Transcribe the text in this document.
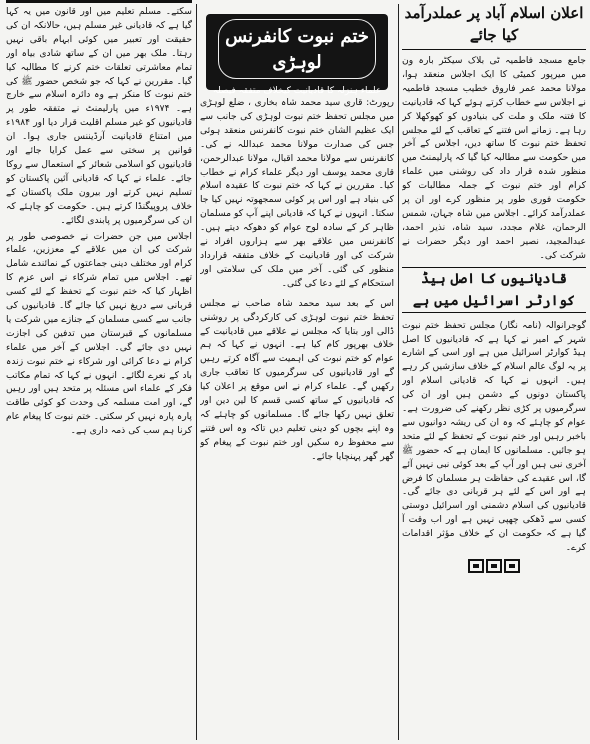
سکتے۔ مسلم تعلیم میں اور قانون میں یہ کہا گیا ہے کہ قادیانی غیر مسلم ہیں، حالانکہ ان کی حقیقت اور تعبیر میں کوئی ابہام باقی نہیں رہتا۔ ملک بھر میں ان کے ساتھ شادی بیاہ اور تمام معاشرتی تعلقات ختم کرنے کا مطالبہ کیا گیا۔ مقررین نے کہا کہ جو شخص حضور ﷺ کی ختم نبوت کا منکر ہے وہ دائرہ اسلام سے خارج ہے۔ ۱۹۷۴ء میں پارلیمنٹ نے متفقہ طور پر قادیانیوں کو غیر مسلم اقلیت قرار دیا اور ۱۹۸۴ء میں امتناع قادیانیت آرڈیننس جاری ہوا۔ ان قوانین پر سختی سے عمل کرایا جائے اور قادیانیوں کو اسلامی شعائر کے استعمال سے روکا جائے۔ علماء نے کہا کہ قادیانی آئین پاکستان کو تسلیم نہیں کرتے اور بیرون ملک پاکستان کے خلاف پروپیگنڈا کرتے ہیں۔ حکومت کو چاہئے کہ ان کی سرگرمیوں پر پابندی لگائے۔

اجلاس میں جن حضرات نے خصوصی طور پر شرکت کی ان میں علاقے کے معززین، علماء کرام اور مختلف دینی جماعتوں کے نمائندے شامل تھے۔ اجلاس میں تمام شرکاء نے اس عزم کا اظہار کیا کہ ختم نبوت کے تحفظ کے لئے کسی قربانی سے دریغ نہیں کیا جائے گا۔ قادیانیوں کی جانب سے کسی مسلمان کے جنازے میں شرکت یا مسلمانوں کے قبرستان میں تدفین کی اجازت نہیں دی جائے گی۔ اجلاس کے آخر میں علماء کرام نے دعا کرائی اور شرکاء نے ختم نبوت زندہ باد کے نعرے لگائے۔ انہوں نے کہا کہ تمام مکاتب فکر کے علماء اس مسئلہ پر متحد ہیں اور رہیں گے، اور امت مسلمہ کی وحدت کو کوئی طاقت پارہ پارہ نہیں کر سکتی۔ ختم نبوت کا پیغام عام کرنا ہم سب کی ذمہ داری ہے۔

ختم نبوت کانفرنس لوہڑی
علماء ہنزلہ کا قادیانیت کیخلاف متفقہ فیصلہ

رپورٹ: قاری سید محمد شاہ بخاری ، ضلع لوہڑی میں مجلس تحفظ ختم نبوت لوہڑی کی جانب سے ایک عظیم الشان ختم نبوت کانفرنس منعقد ہوئی جس کی صدارت مولانا محمد عبداللہ نے کی۔ کانفرنس سے مولانا محمد اقبال، مولانا عبدالرحمن، قاری محمد یوسف اور دیگر علماء کرام نے خطاب کیا۔ مقررین نے کہا کہ ختم نبوت کا عقیدہ اسلام کی بنیاد ہے اور اس پر کوئی سمجھوتہ نہیں کیا جا سکتا۔ انہوں نے کہا کہ قادیانی اپنے آپ کو مسلمان ظاہر کر کے سادہ لوح عوام کو دھوکہ دیتے ہیں۔ کانفرنس میں علاقے بھر سے ہزاروں افراد نے شرکت کی اور قادیانیت کے خلاف متفقہ قرارداد منظور کی گئی۔ آخر میں ملک کی سلامتی اور استحکام کے لئے دعا کی گئی۔

اس کے بعد سید محمد شاہ صاحب نے مجلس تحفظ ختم نبوت لوہڑی کی کارکردگی پر روشنی ڈالی اور بتایا کہ مجلس نے علاقے میں قادیانیت کے خلاف بھرپور کام کیا ہے۔ انہوں نے کہا کہ ہم عوام کو ختم نبوت کی اہمیت سے آگاہ کرتے رہیں گے اور قادیانیوں کی سرگرمیوں کا تعاقب جاری رکھیں گے۔ علماء کرام نے اس موقع پر اعلان کیا کہ قادیانیوں کے ساتھ کسی قسم کا لین دین اور تعلق نہیں رکھا جائے گا۔ مسلمانوں کو چاہئے کہ وہ اپنے بچوں کو دینی تعلیم دیں تاکہ وہ اس فتنے سے محفوظ رہ سکیں اور ختم نبوت کے پیغام کو گھر گھر پہنچایا جائے۔

اعلان اسلام آباد پر عملدرآمد کیا جائے

جامع مسجد فاطمیہ ٹی بلاک سیکٹر بارہ ون میں میرپور کمیٹی کا ایک اجلاس منعقد ہوا، مولانا محمد عمر فاروق خطیب مسجد فاطمیہ نے اجلاس سے خطاب کرتے ہوئے کہا کہ قادیانیت کا فتنہ ملک و ملت کی بنیادوں کو کھوکھلا کر رہا ہے۔ زمانے اس فتنے کے تعاقب کے لئے مجلس تحفظ ختم نبوت کا ساتھ دیں، اجلاس کے آخر میں حکومت سے مطالبہ کیا گیا کہ پارلیمنٹ میں منظور شدہ قرار داد کی روشنی میں علماء کرام اور ختم نبوت کے جملہ مطالبات کو حکومت فوری طور پر منظور کرے اور ان پر عملدرآمد کرائے۔ اجلاس میں شاہ جہان، شمس الرحمان، غلام مجدد، سید شاہ، نذیر احمد، عبدالمجید، نصیر احمد اور دیگر حضرات نے شرکت کی۔

قادیانیوں کا اصل ہیڈ کوارٹر اسرائیل میں ہے

گوجرانوالہ (نامہ نگار) مجلس تحفظ ختم نبوت شہر کے امیر نے کہا ہے کہ قادیانیوں کا اصل ہیڈ کوارٹر اسرائیل میں ہے اور اسی کے اشارے پر یہ لوگ عالم اسلام کے خلاف سازشیں کر رہے ہیں۔ انہوں نے کہا کہ قادیانی اسلام اور پاکستان دونوں کے دشمن ہیں اور ان کی سرگرمیوں پر کڑی نظر رکھنے کی ضرورت ہے۔ عوام کو چاہئے کہ وہ ان کی ریشہ دوانیوں سے باخبر رہیں اور ختم نبوت کے تحفظ کے لئے متحد ہو جائیں۔ مسلمانوں کا ایمان ہے کہ حضور ﷺ آخری نبی ہیں اور آپ کے بعد کوئی نبی نہیں آئے گا، اس عقیدے کی حفاظت ہر مسلمان کا فرض ہے اور اس کے لئے ہر قربانی دی جائے گی۔ قادیانیوں کی اسلام دشمنی اور اسرائیل دوستی کسی سے ڈھکی چھپی نہیں ہے اور اب وقت آ گیا ہے کہ حکومت ان کے خلاف مؤثر اقدامات کرے۔
